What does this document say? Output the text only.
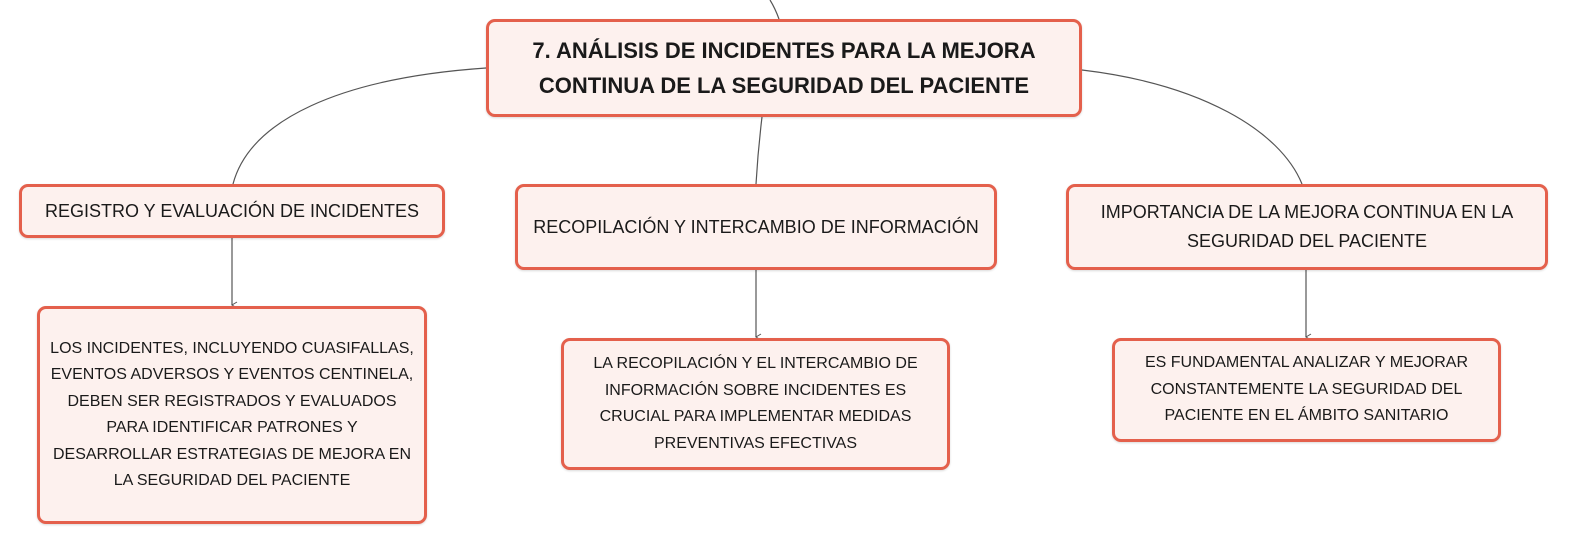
7. ANÁLISIS DE INCIDENTES PARA LA MEJORA CONTINUA DE LA SEGURIDAD DEL PACIENTE
REGISTRO Y EVALUACIÓN DE INCIDENTES
RECOPILACIÓN Y INTERCAMBIO DE INFORMACIÓN
IMPORTANCIA DE LA MEJORA CONTINUA EN LA SEGURIDAD DEL PACIENTE
LOS INCIDENTES, INCLUYENDO CUASIFALLAS, EVENTOS ADVERSOS Y EVENTOS CENTINELA, DEBEN SER REGISTRADOS Y EVALUADOS PARA IDENTIFICAR PATRONES Y DESARROLLAR ESTRATEGIAS DE MEJORA EN LA SEGURIDAD DEL PACIENTE
LA RECOPILACIÓN Y EL INTERCAMBIO DE INFORMACIÓN SOBRE INCIDENTES ES CRUCIAL PARA IMPLEMENTAR MEDIDAS PREVENTIVAS EFECTIVAS
ES FUNDAMENTAL ANALIZAR Y MEJORAR CONSTANTEMENTE LA SEGURIDAD DEL PACIENTE EN EL ÁMBITO SANITARIO
